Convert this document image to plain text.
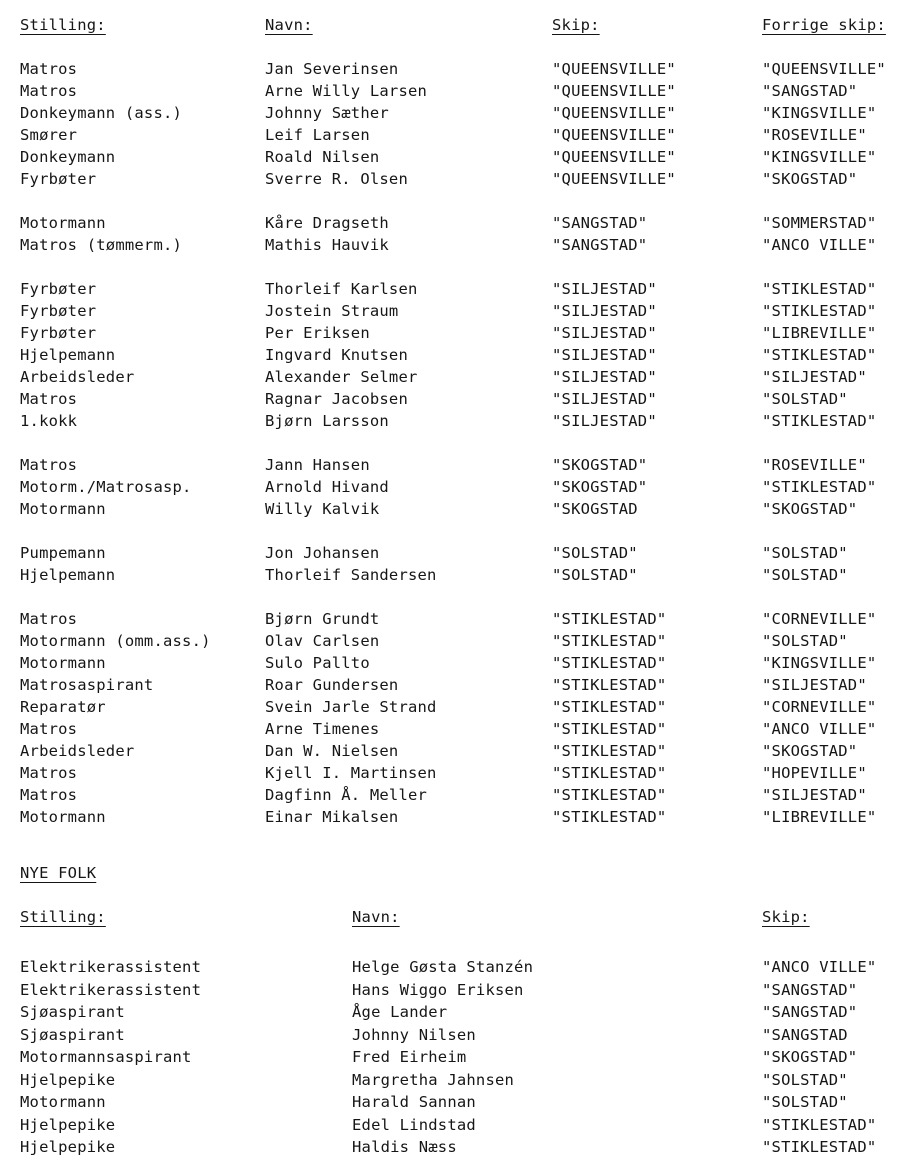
Stilling:	Navn:	Skip:	Forrige skip:
Matros	Jan Severinsen	"QUEENSVILLE"	"QUEENSVILLE"
Matros	Arne Willy Larsen	"QUEENSVILLE"	"SANGSTAD"
Donkeymann (ass.)	Johnny Sæther	"QUEENSVILLE"	"KINGSVILLE"
Smører	Leif Larsen	"QUEENSVILLE"	"ROSEVILLE"
Donkeymann	Roald Nilsen	"QUEENSVILLE"	"KINGSVILLE"
Fyrbøter	Sverre R. Olsen	"QUEENSVILLE"	"SKOGSTAD"
Motormann	Kåre Dragseth	"SANGSTAD"	"SOMMERSTAD"
Matros (tømmerm.)	Mathis Hauvik	"SANGSTAD"	"ANCO VILLE"
Fyrbøter	Thorleif Karlsen	"SILJESTAD"	"STIKLESTAD"
Fyrbøter	Jostein Straum	"SILJESTAD"	"STIKLESTAD"
Fyrbøter	Per Eriksen	"SILJESTAD"	"LIBREVILLE"
Hjelpemann	Ingvard Knutsen	"SILJESTAD"	"STIKLESTAD"
Arbeidsleder	Alexander Selmer	"SILJESTAD"	"SILJESTAD"
Matros	Ragnar Jacobsen	"SILJESTAD"	"SOLSTAD"
1.kokk	Bjørn Larsson	"SILJESTAD"	"STIKLESTAD"
Matros	Jann Hansen	"SKOGSTAD"	"ROSEVILLE"
Motorm./Matrosasp.	Arnold Hivand	"SKOGSTAD"	"STIKLESTAD"
Motormann	Willy Kalvik	"SKOGSTAD	"SKOGSTAD"
Pumpemann	Jon Johansen	"SOLSTAD"	"SOLSTAD"
Hjelpemann	Thorleif Sandersen	"SOLSTAD"	"SOLSTAD"
Matros	Bjørn Grundt	"STIKLESTAD"	"CORNEVILLE"
Motormann (omm.ass.)	Olav Carlsen	"STIKLESTAD"	"SOLSTAD"
Motormann	Sulo Pallto	"STIKLESTAD"	"KINGSVILLE"
Matrosaspirant	Roar Gundersen	"STIKLESTAD"	"SILJESTAD"
Reparatør	Svein Jarle Strand	"STIKLESTAD"	"CORNEVILLE"
Matros	Arne Timenes	"STIKLESTAD"	"ANCO VILLE"
Arbeidsleder	Dan W. Nielsen	"STIKLESTAD"	"SKOGSTAD"
Matros	Kjell I. Martinsen	"STIKLESTAD"	"HOPEVILLE"
Matros	Dagfinn Å. Meller	"STIKLESTAD"	"SILJESTAD"
Motormann	Einar Mikalsen	"STIKLESTAD"	"LIBREVILLE"
NYE FOLK
Stilling:	Navn:	Skip:
Elektrikerassistent	Helge Gøsta Stanzén	"ANCO VILLE"
Elektrikerassistent	Hans Wiggo Eriksen	"SANGSTAD"
Sjøaspirant	Åge Lander	"SANGSTAD"
Sjøaspirant	Johnny Nilsen	"SANGSTAD
Motormannsaspirant	Fred Eirheim	"SKOGSTAD"
Hjelpepike	Margretha Jahnsen	"SOLSTAD"
Motormann	Harald Sannan	"SOLSTAD"
Hjelpepike	Edel Lindstad	"STIKLESTAD"
Hjelpepike	Haldis Næss	"STIKLESTAD"
